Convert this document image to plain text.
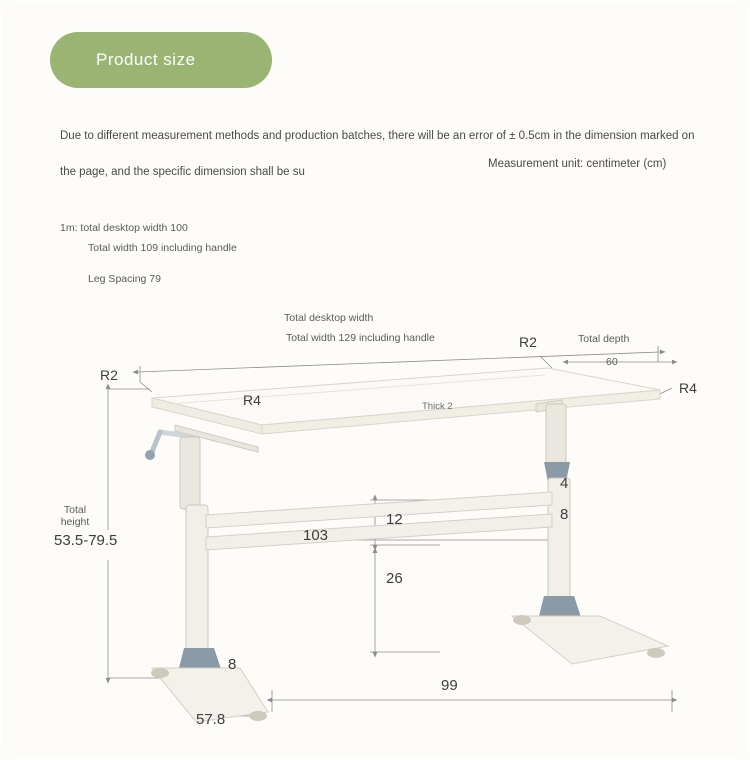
Product size
Due to different measurement methods and production batches, there will be an error of ± 0.5cm in the dimension marked on the page, and the specific dimension shall be su
Measurement unit: centimeter (cm)
1m: total desktop width 100
Total width 109 including handle
Leg Spacing 79
Total desktop width
Total width 129 including handle	R2	Total depth
60
R2
R4
R4	Thick 2
Total height
53.5-79.5	103
12
26
4
8
8
57.8
99
